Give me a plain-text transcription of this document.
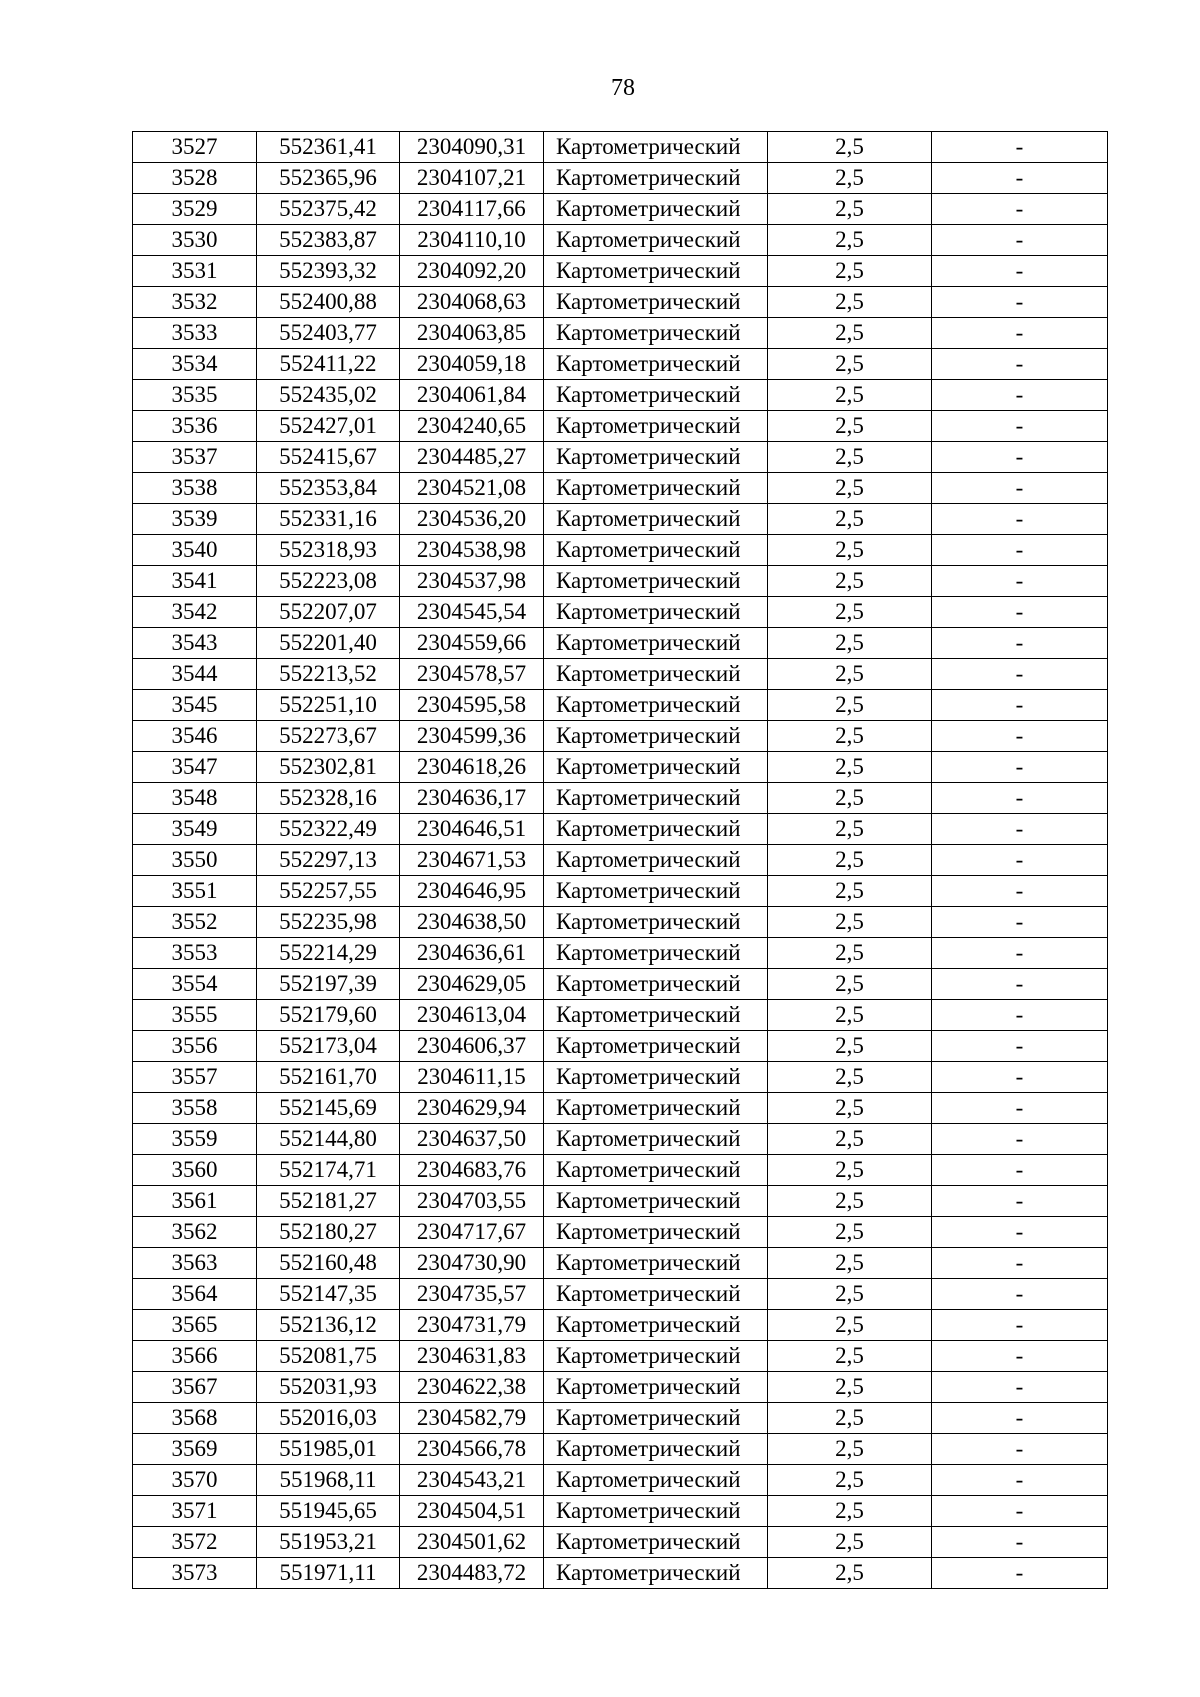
78
3527	552361,41	2304090,31	Картометрический	2,5	-
3528	552365,96	2304107,21	Картометрический	2,5	-
3529	552375,42	2304117,66	Картометрический	2,5	-
3530	552383,87	2304110,10	Картометрический	2,5	-
3531	552393,32	2304092,20	Картометрический	2,5	-
3532	552400,88	2304068,63	Картометрический	2,5	-
3533	552403,77	2304063,85	Картометрический	2,5	-
3534	552411,22	2304059,18	Картометрический	2,5	-
3535	552435,02	2304061,84	Картометрический	2,5	-
3536	552427,01	2304240,65	Картометрический	2,5	-
3537	552415,67	2304485,27	Картометрический	2,5	-
3538	552353,84	2304521,08	Картометрический	2,5	-
3539	552331,16	2304536,20	Картометрический	2,5	-
3540	552318,93	2304538,98	Картометрический	2,5	-
3541	552223,08	2304537,98	Картометрический	2,5	-
3542	552207,07	2304545,54	Картометрический	2,5	-
3543	552201,40	2304559,66	Картометрический	2,5	-
3544	552213,52	2304578,57	Картометрический	2,5	-
3545	552251,10	2304595,58	Картометрический	2,5	-
3546	552273,67	2304599,36	Картометрический	2,5	-
3547	552302,81	2304618,26	Картометрический	2,5	-
3548	552328,16	2304636,17	Картометрический	2,5	-
3549	552322,49	2304646,51	Картометрический	2,5	-
3550	552297,13	2304671,53	Картометрический	2,5	-
3551	552257,55	2304646,95	Картометрический	2,5	-
3552	552235,98	2304638,50	Картометрический	2,5	-
3553	552214,29	2304636,61	Картометрический	2,5	-
3554	552197,39	2304629,05	Картометрический	2,5	-
3555	552179,60	2304613,04	Картометрический	2,5	-
3556	552173,04	2304606,37	Картометрический	2,5	-
3557	552161,70	2304611,15	Картометрический	2,5	-
3558	552145,69	2304629,94	Картометрический	2,5	-
3559	552144,80	2304637,50	Картометрический	2,5	-
3560	552174,71	2304683,76	Картометрический	2,5	-
3561	552181,27	2304703,55	Картометрический	2,5	-
3562	552180,27	2304717,67	Картометрический	2,5	-
3563	552160,48	2304730,90	Картометрический	2,5	-
3564	552147,35	2304735,57	Картометрический	2,5	-
3565	552136,12	2304731,79	Картометрический	2,5	-
3566	552081,75	2304631,83	Картометрический	2,5	-
3567	552031,93	2304622,38	Картометрический	2,5	-
3568	552016,03	2304582,79	Картометрический	2,5	-
3569	551985,01	2304566,78	Картометрический	2,5	-
3570	551968,11	2304543,21	Картометрический	2,5	-
3571	551945,65	2304504,51	Картометрический	2,5	-
3572	551953,21	2304501,62	Картометрический	2,5	-
3573	551971,11	2304483,72	Картометрический	2,5	-
